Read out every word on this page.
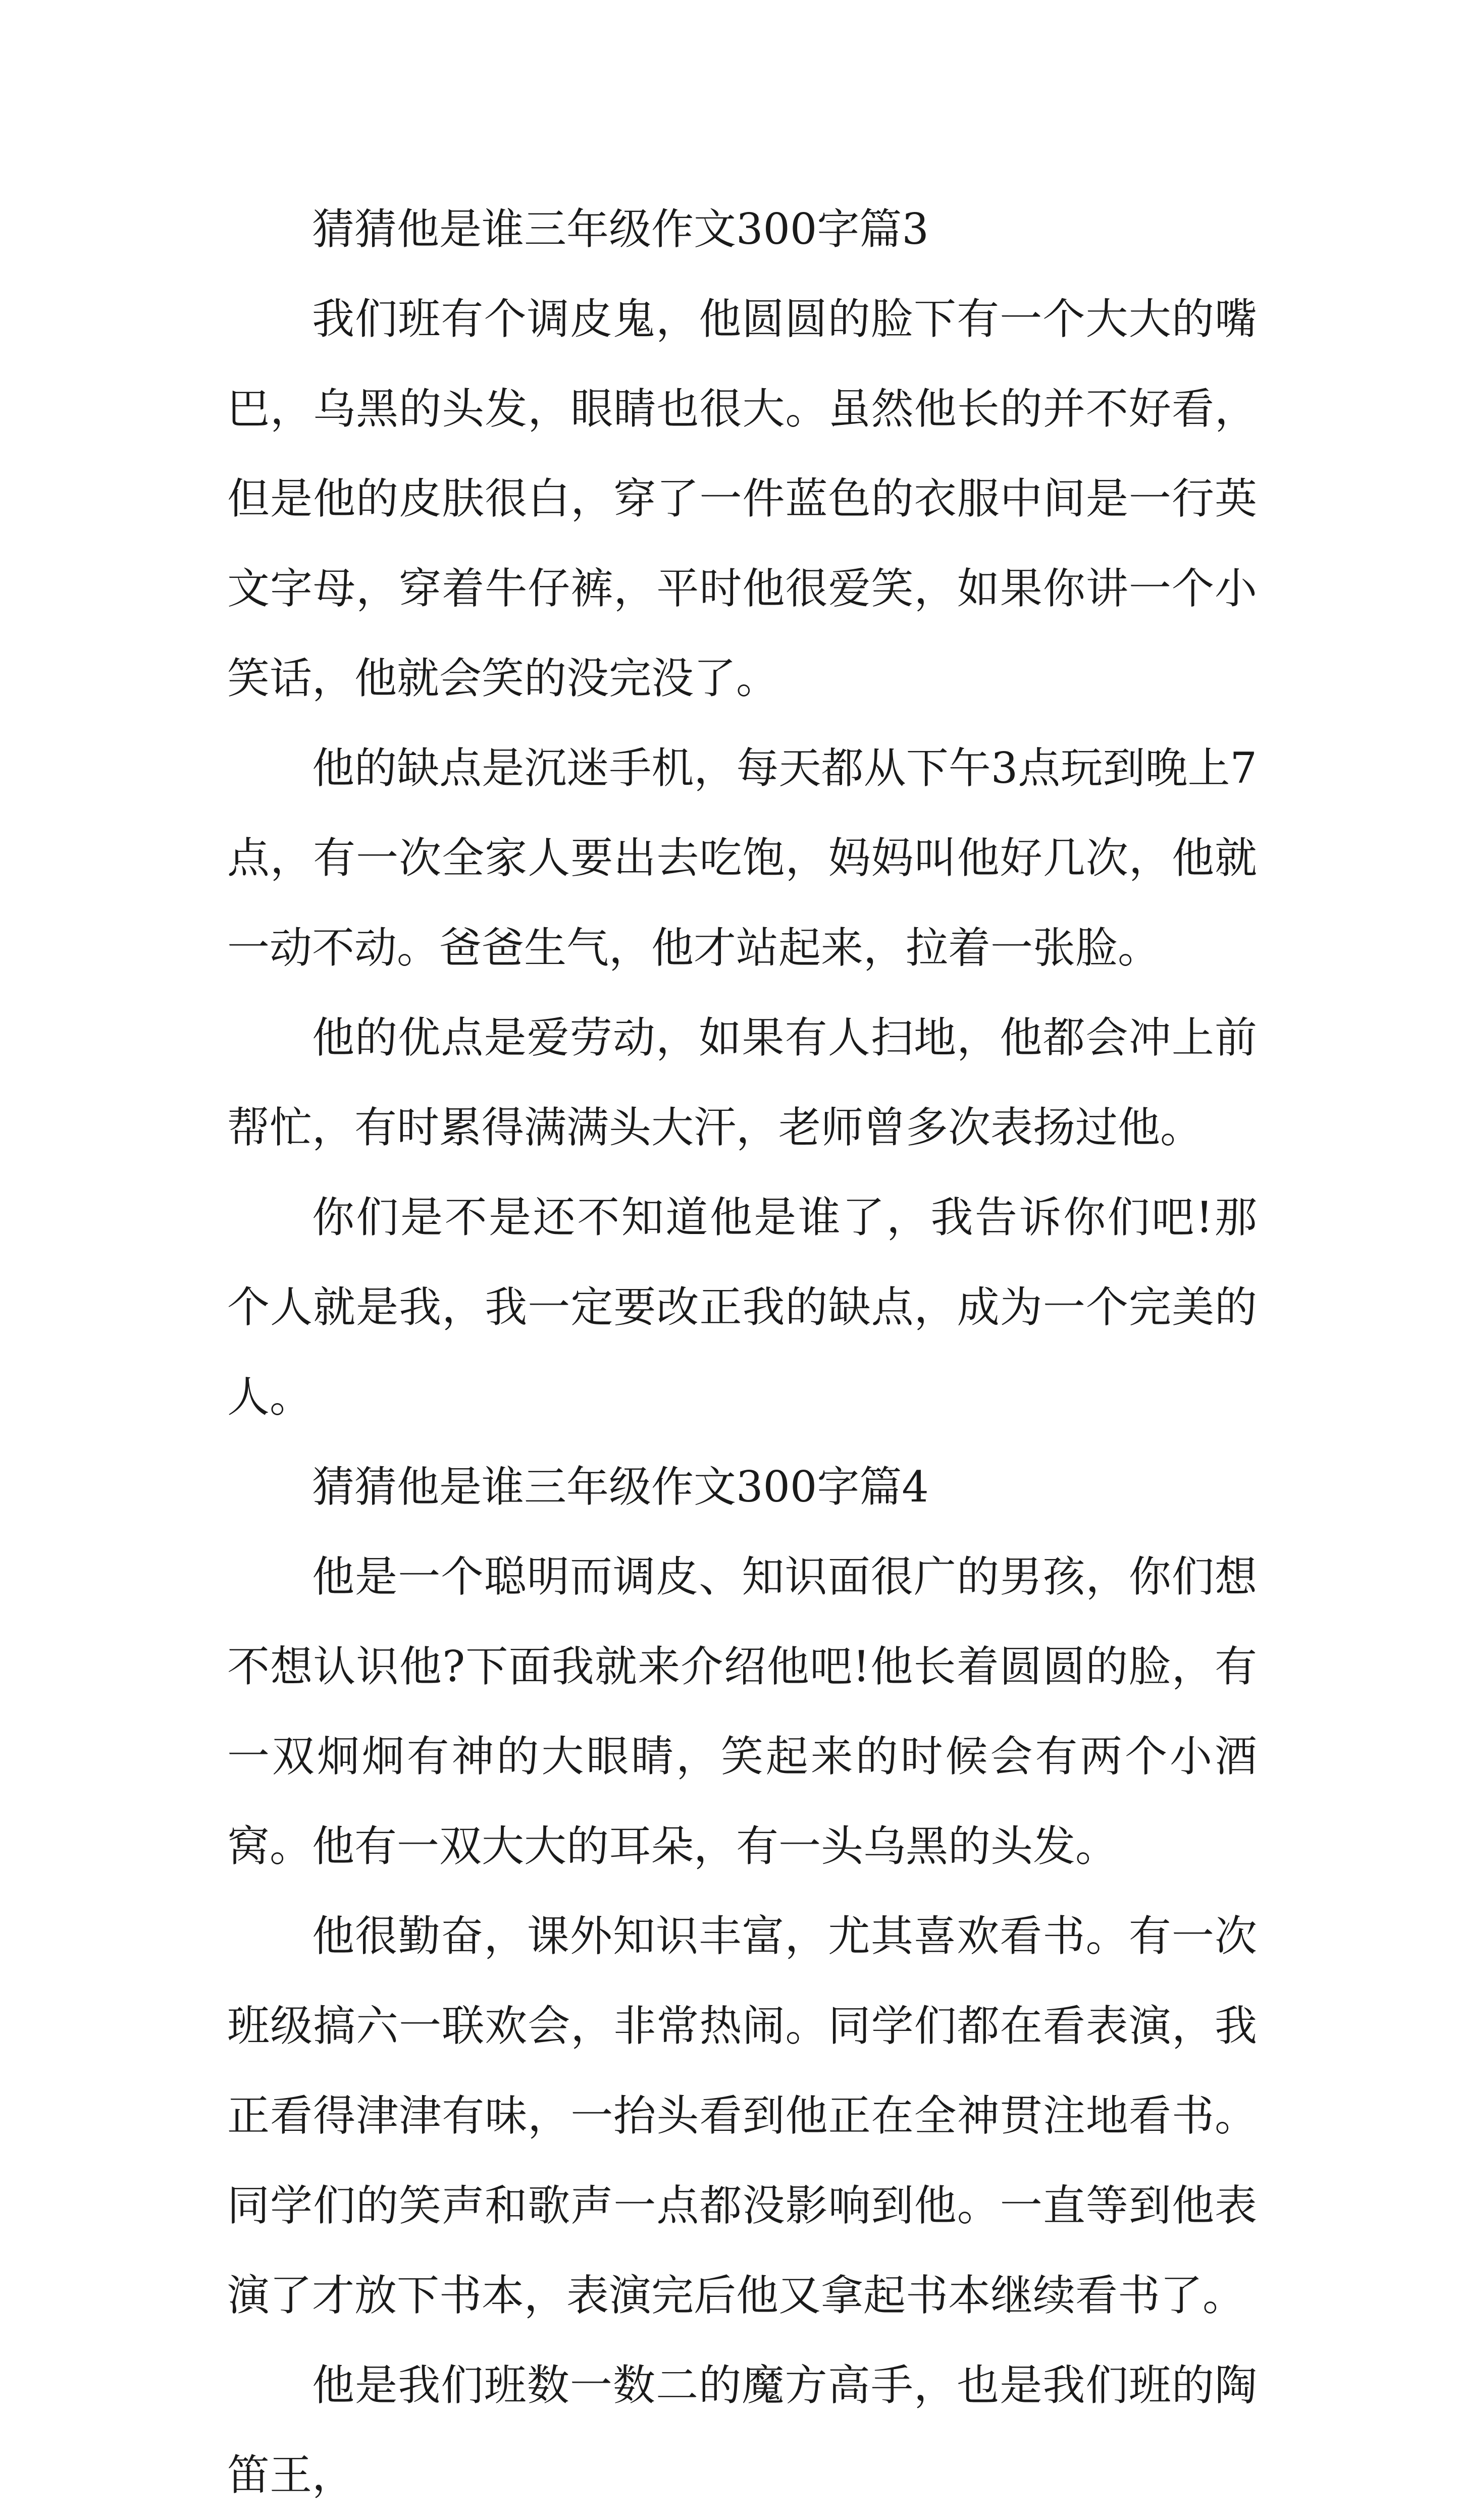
猜猜他是谁三年级作文300字篇3

我们班有个调皮鬼，他圆圆的脸下有一个大大的嘴巴，乌黑的头发，眼睛也很大。虽然他长的并不好看，但是他的皮肤很白，穿了一件蓝色的衣服中间是一行英文字母，穿着牛仔裤，平时他很爱笑，如果你讲一个小笑话，他就会笑的没完没了。

他的缺点是沉迷手机，每天都从下午3点玩到晚上7点，有一次全家人要出去吃饱，妈妈叫他好几次，他就一动不动。爸爸生气，他才站起来，拉着一张脸。

他的优点是爱劳动，如果有人扫地，他都会冲上前帮忙，有时累得满满头大汗，老师曾多次表扬过他。

你们是不是还不知道他是谁了，我告诉你们吧!那个人就是我，我一定要改正我的缺点，成为一个完美的人。

猜猜他是谁三年级作文300字篇4

他是一个聪明而调皮、知识面很广的男孩，你们想不想认识他?下面我就来介绍他吧!他长着圆圆的脸，有一双炯炯有神的大眼睛，笑起来的时候会有两个小酒窝。他有一双大大的耳朵，有一头乌黑的头发。

他很勤奋，课外知识丰富，尤其喜欢看书。有一次班级搞六一联欢会，非常热闹。同学们都在看表演，我正看得津津有味，一抬头看到他正在全神贯注地看书。同学们的笑声和歌声一点都没影响到他。一直等到他表演了才放下书本，表演完后他又拿起书本继续看书了。

他是我们班数一数二的魔方高手，也是我们班的陶笛王，
